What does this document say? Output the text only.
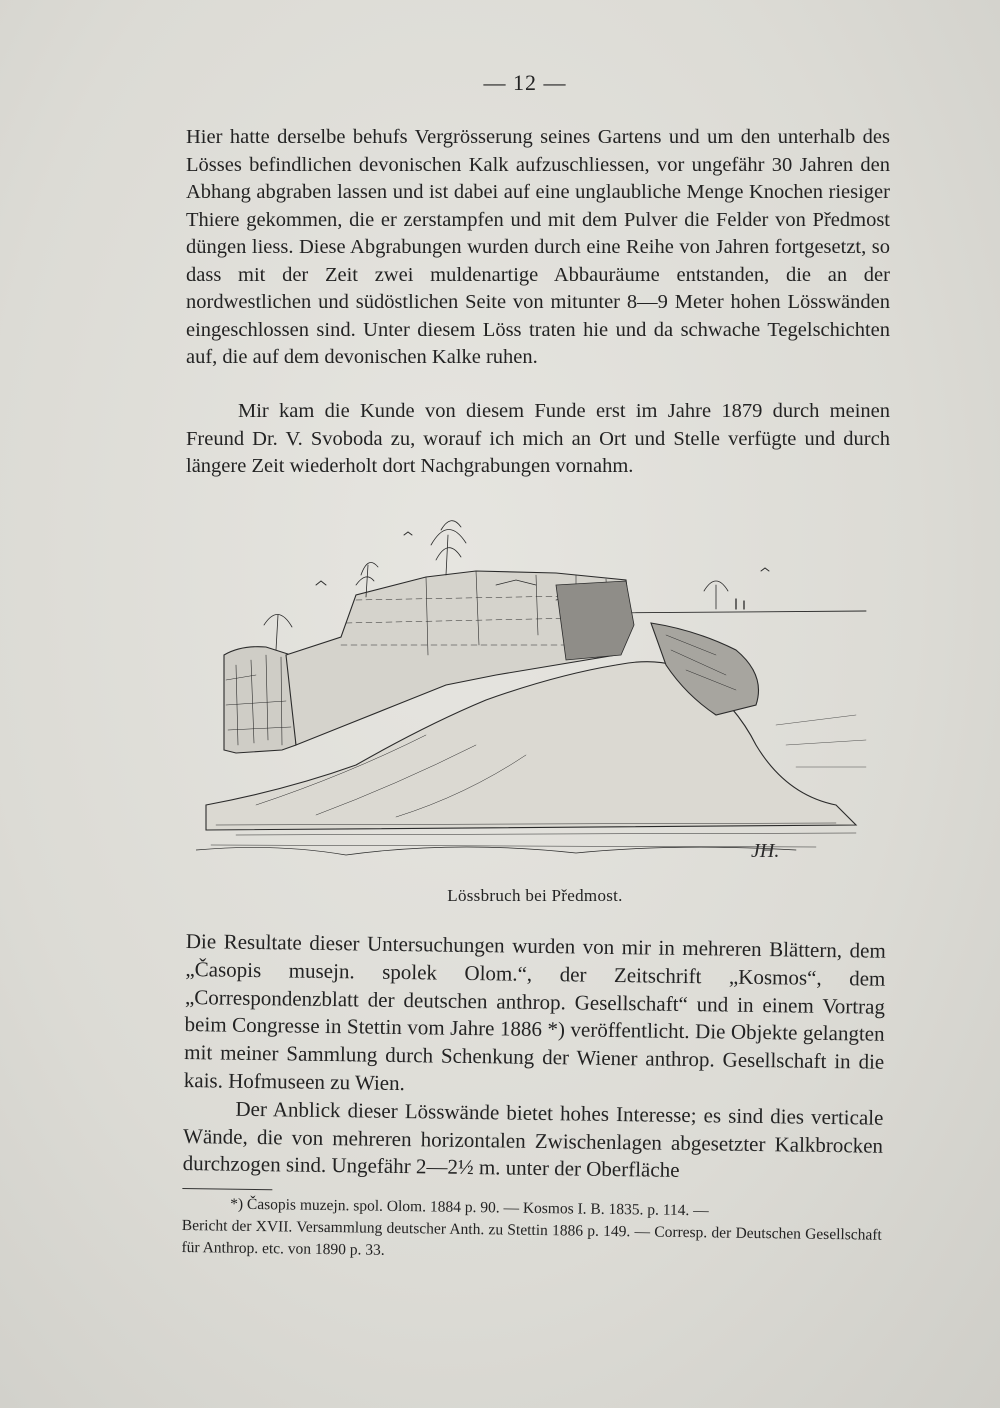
— 12 —

Hier hatte derselbe behufs Vergrösserung seines Gartens und um den unterhalb des Lösses befindlichen devonischen Kalk aufzuschliessen, vor ungefähr 30 Jahren den Abhang abgraben lassen und ist dabei auf eine unglaubliche Menge Knochen riesiger Thiere gekommen, die er zerstampfen und mit dem Pulver die Felder von Předmost düngen liess. Diese Abgrabungen wurden durch eine Reihe von Jahren fortgesetzt, so dass mit der Zeit zwei muldenartige Abbauräume entstanden, die an der nordwestlichen und südöstlichen Seite von mitunter 8—9 Meter hohen Lösswänden eingeschlossen sind. Unter diesem Löss traten hie und da schwache Tegelschichten auf, die auf dem devonischen Kalke ruhen.

Mir kam die Kunde von diesem Funde erst im Jahre 1879 durch meinen Freund Dr. V. Svoboda zu, worauf ich mich an Ort und Stelle verfügte und durch längere Zeit wiederholt dort Nachgrabungen vornahm.

JH.
Lössbruch bei Předmost.

Die Resultate dieser Untersuchungen wurden von mir in mehreren Blättern, dem „Časopis musejn. spolek Olom.“, der Zeitschrift „Kosmos“, dem „Correspondenzblatt der deutschen anthrop. Gesellschaft“ und in einem Vortrag beim Congresse in Stettin vom Jahre 1886 *) veröffentlicht. Die Objekte gelangten mit meiner Sammlung durch Schenkung der Wiener anthrop. Gesellschaft in die kais. Hofmuseen zu Wien.

Der Anblick dieser Lösswände bietet hohes Interesse; es sind dies verticale Wände, die von mehreren horizontalen Zwischenlagen abgesetzter Kalkbrocken durchzogen sind. Ungefähr 2—2½ m. unter der Oberfläche

*) Časopis muzejn. spol. Olom. 1884 p. 90. — Kosmos I. B. 1835. p. 114. —
Bericht der XVII. Versammlung deutscher Anth. zu Stettin 1886 p. 149. — Corresp. der Deutschen Gesellschaft für Anthrop. etc. von 1890 p. 33.
